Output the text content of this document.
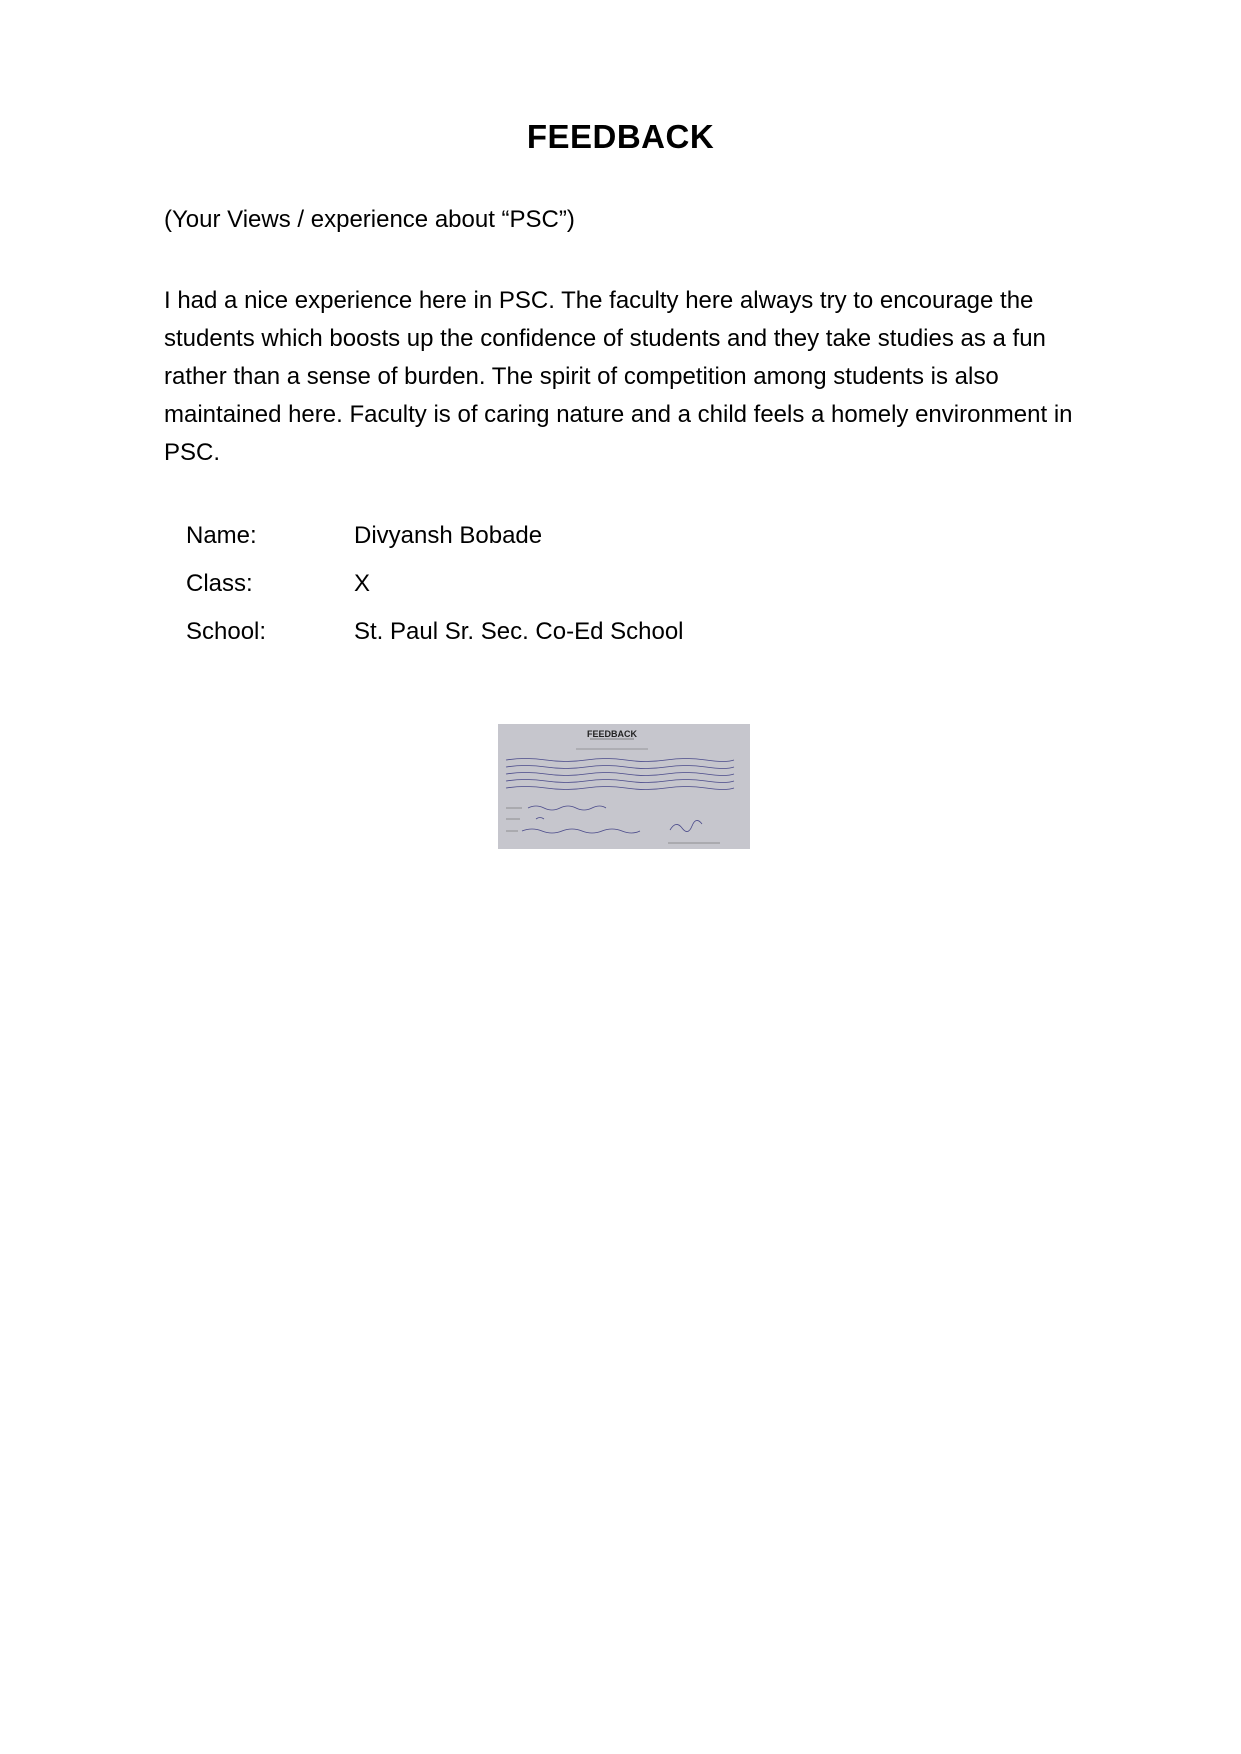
FEEDBACK
(Your Views / experience about “PSC”)
I had a nice experience here in PSC. The faculty here always try to encourage the students which boosts up the confidence of students and they take studies as a fun rather than a sense of burden. The spirit of competition among students is also maintained here. Faculty is of caring nature and a child feels a homely environment in PSC.
Name:	Divyansh Bobade
Class:	X
School:	St. Paul Sr. Sec. Co-Ed School
FEEDBACK
